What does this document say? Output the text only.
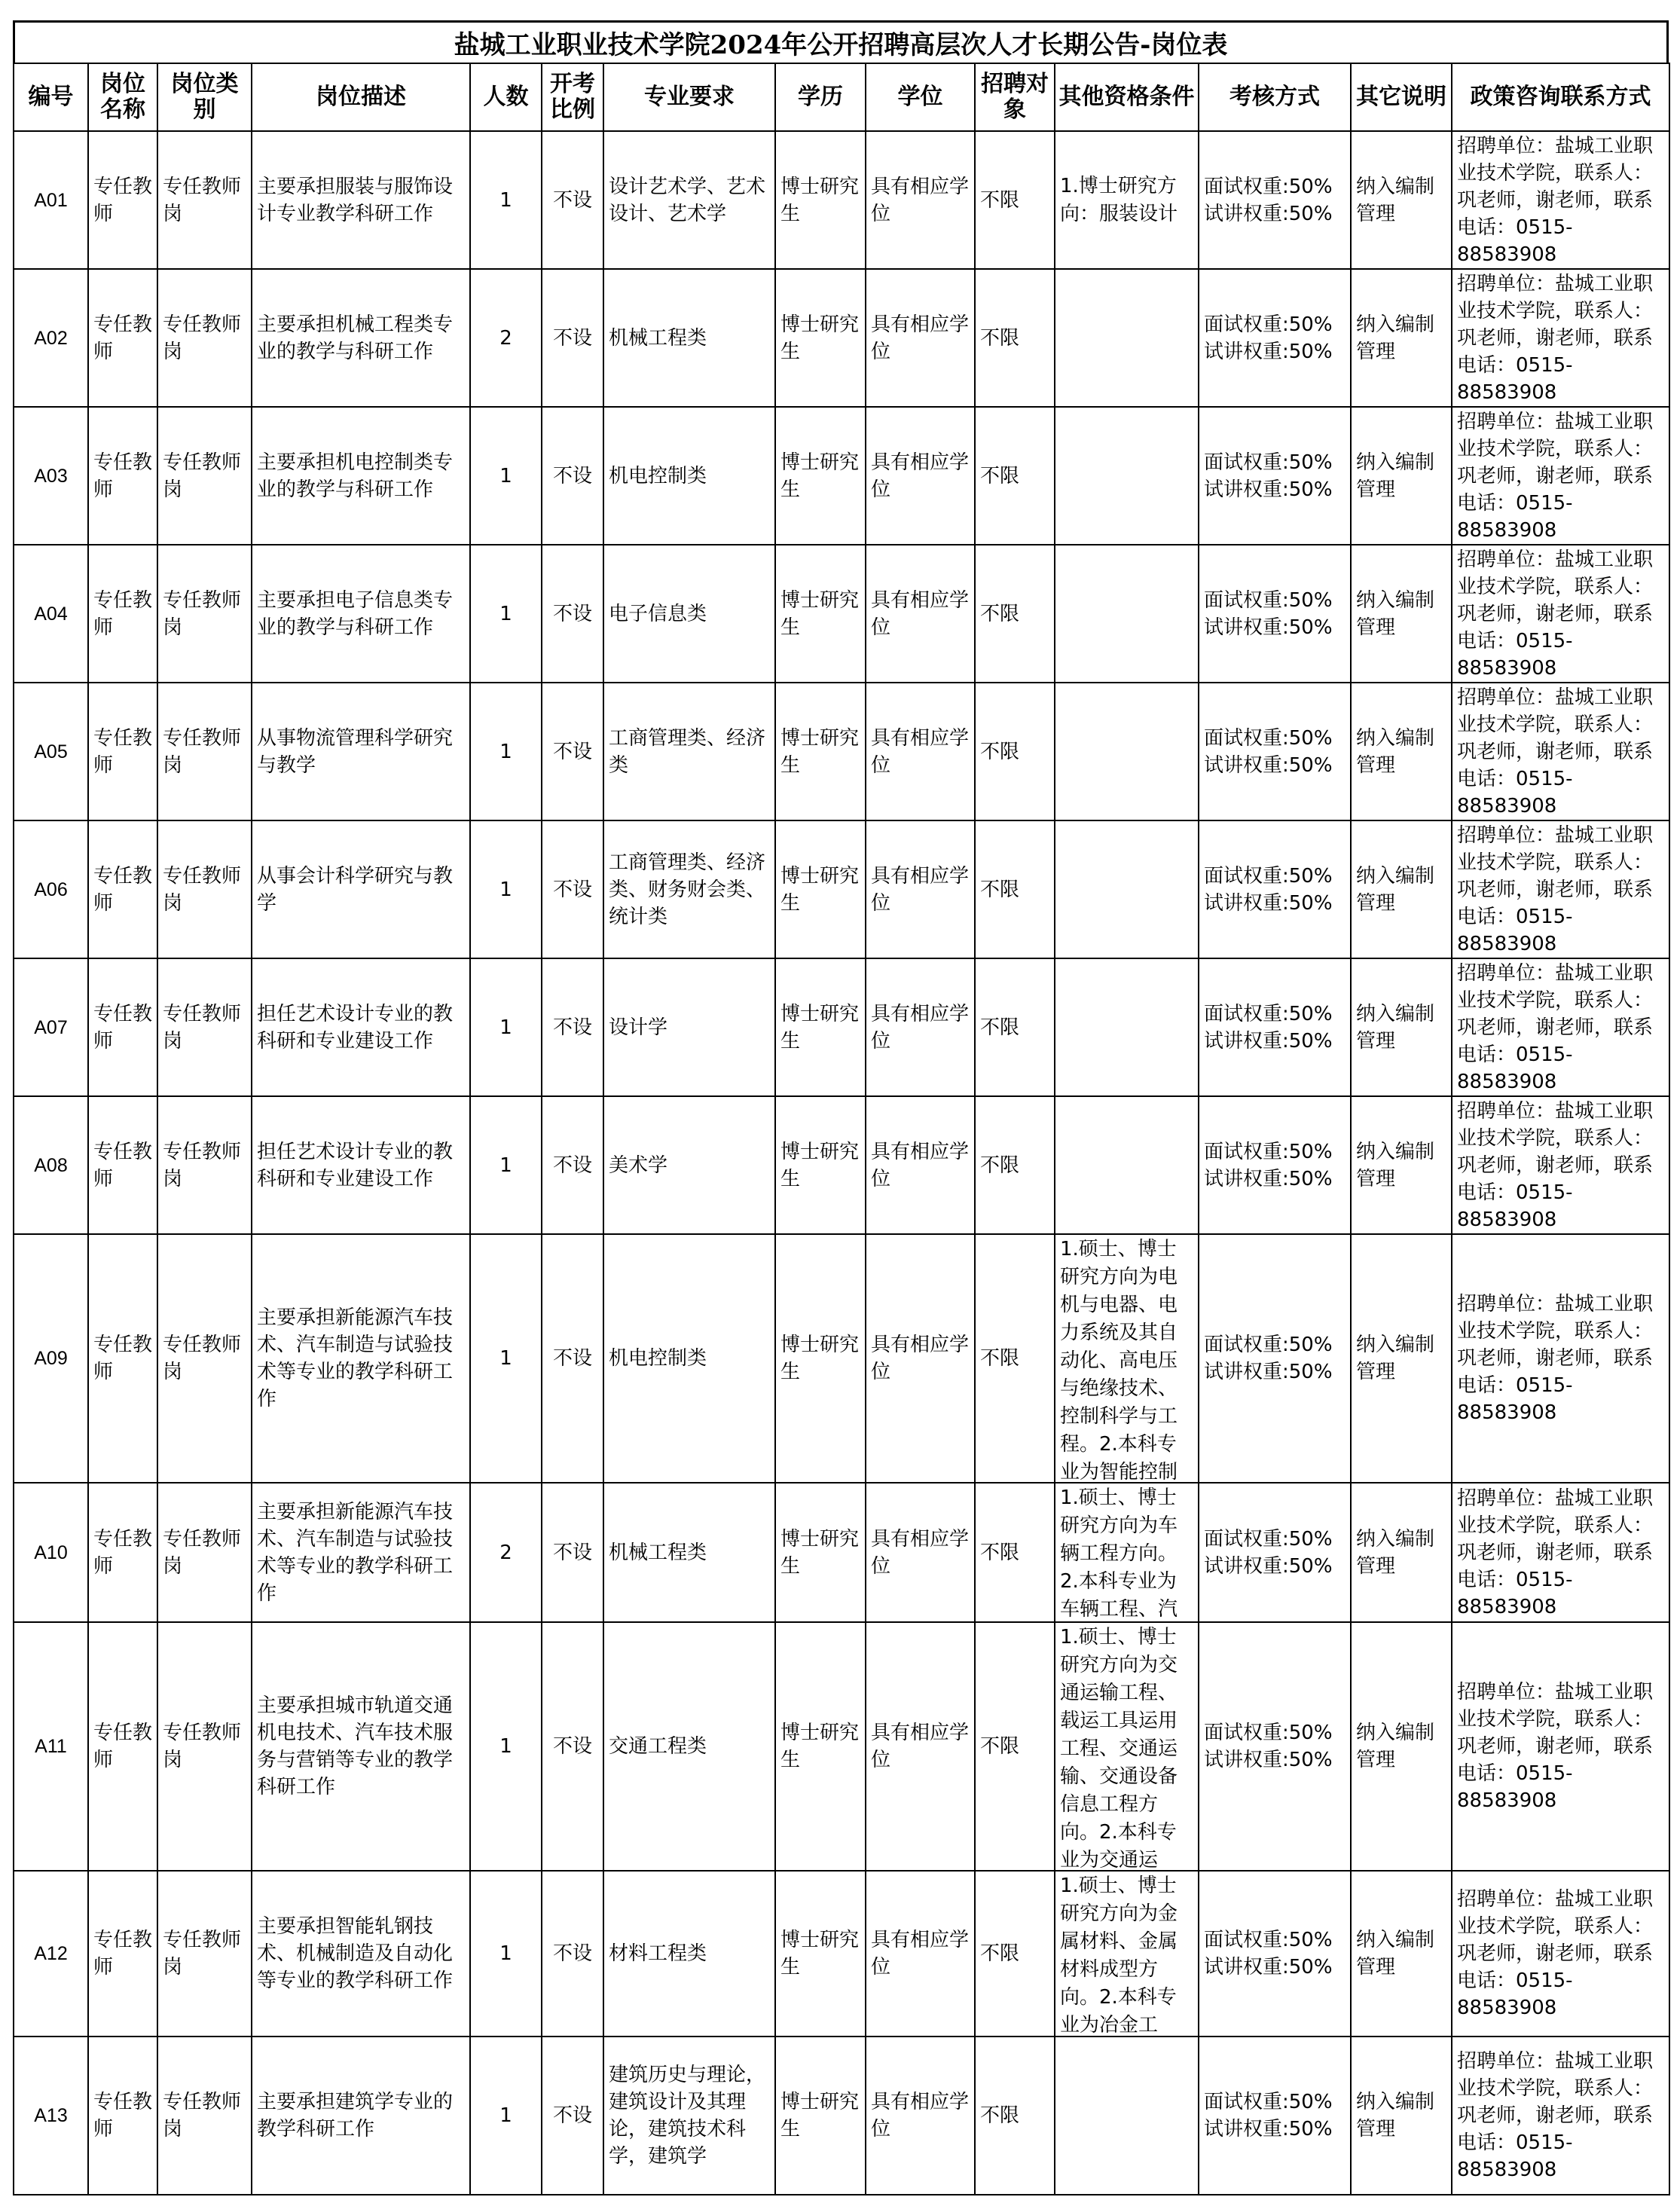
盐城工业职业技术学院2024年公开招聘高层次人才长期公告-岗位表
编号	岗位名称	岗位类别	岗位描述	人数	开考比例	专业要求	学历	学位	招聘对象	其他资格条件	考核方式	其它说明	政策咨询联系方式

A01	专任教师	专任教师岗	主要承担服装与服饰设计专业教学科研工作	1	不设	设计艺术学、艺术设计、艺术学	博士研究生	具有相应学位	不限	1.博士研究方向：服装设计	面试权重:50%
试讲权重:50%	纳入编制管理	招聘单位：盐城工业职业技术学院，联系人：巩老师，谢老师，联系电话：0515-88583908

A02	专任教师	专任教师岗	主要承担机械工程类专业的教学与科研工作	2	不设	机械工程类	博士研究生	具有相应学位	不限		面试权重:50%
试讲权重:50%	纳入编制管理	招聘单位：盐城工业职业技术学院，联系人：巩老师，谢老师，联系电话：0515-88583908

A03	专任教师	专任教师岗	主要承担机电控制类专业的教学与科研工作	1	不设	机电控制类	博士研究生	具有相应学位	不限		面试权重:50%
试讲权重:50%	纳入编制管理	招聘单位：盐城工业职业技术学院，联系人：巩老师，谢老师，联系电话：0515-88583908

A04	专任教师	专任教师岗	主要承担电子信息类专业的教学与科研工作	1	不设	电子信息类	博士研究生	具有相应学位	不限		面试权重:50%
试讲权重:50%	纳入编制管理	招聘单位：盐城工业职业技术学院，联系人：巩老师，谢老师，联系电话：0515-88583908

A05	专任教师	专任教师岗	从事物流管理科学研究与教学	1	不设	工商管理类、经济类	博士研究生	具有相应学位	不限		面试权重:50%
试讲权重:50%	纳入编制管理	招聘单位：盐城工业职业技术学院，联系人：巩老师，谢老师，联系电话：0515-88583908

A06	专任教师	专任教师岗	从事会计科学研究与教学	1	不设	工商管理类、经济类、财务财会类、统计类	博士研究生	具有相应学位	不限		面试权重:50%
试讲权重:50%	纳入编制管理	招聘单位：盐城工业职业技术学院，联系人：巩老师，谢老师，联系电话：0515-88583908

A07	专任教师	专任教师岗	担任艺术设计专业的教科研和专业建设工作	1	不设	设计学	博士研究生	具有相应学位	不限		面试权重:50%
试讲权重:50%	纳入编制管理	招聘单位：盐城工业职业技术学院，联系人：巩老师，谢老师，联系电话：0515-88583908

A08	专任教师	专任教师岗	担任艺术设计专业的教科研和专业建设工作	1	不设	美术学	博士研究生	具有相应学位	不限		面试权重:50%
试讲权重:50%	纳入编制管理	招聘单位：盐城工业职业技术学院，联系人：巩老师，谢老师，联系电话：0515-88583908

A09	专任教师	专任教师岗	主要承担新能源汽车技术、汽车制造与试验技术等专业的教学科研工作	1	不设	机电控制类	博士研究生	具有相应学位	不限	1.硕士、博士研究方向为电机与电器、电力系统及其自动化、高电压与绝缘技术、控制科学与工程。2.本科专业为智能控制	面试权重:50%
试讲权重:50%	纳入编制管理	招聘单位：盐城工业职业技术学院，联系人：巩老师，谢老师，联系电话：0515-88583908

A10	专任教师	专任教师岗	主要承担新能源汽车技术、汽车制造与试验技术等专业的教学科研工作	2	不设	机械工程类	博士研究生	具有相应学位	不限	1.硕士、博士研究方向为车辆工程方向。2.本科专业为车辆工程、汽	面试权重:50%
试讲权重:50%	纳入编制管理	招聘单位：盐城工业职业技术学院，联系人：巩老师，谢老师，联系电话：0515-88583908

A11	专任教师	专任教师岗	主要承担城市轨道交通机电技术、汽车技术服务与营销等专业的教学科研工作	1	不设	交通工程类	博士研究生	具有相应学位	不限	1.硕士、博士研究方向为交通运输工程、载运工具运用工程、交通运输、交通设备信息工程方向。2.本科专业为交通运	面试权重:50%
试讲权重:50%	纳入编制管理	招聘单位：盐城工业职业技术学院，联系人：巩老师，谢老师，联系电话：0515-88583908

A12	专任教师	专任教师岗	主要承担智能轧钢技术、机械制造及自动化等专业的教学科研工作	1	不设	材料工程类	博士研究生	具有相应学位	不限	1.硕士、博士研究方向为金属材料、金属材料成型方向。2.本科专业为冶金工	面试权重:50%
试讲权重:50%	纳入编制管理	招聘单位：盐城工业职业技术学院，联系人：巩老师，谢老师，联系电话：0515-88583908

A13	专任教师	专任教师岗	主要承担建筑学专业的教学科研工作	1	不设	建筑历史与理论，建筑设计及其理论，建筑技术科学，建筑学	博士研究生	具有相应学位	不限		面试权重:50%
试讲权重:50%	纳入编制管理	招聘单位：盐城工业职业技术学院，联系人：巩老师，谢老师，联系电话：0515-88583908
